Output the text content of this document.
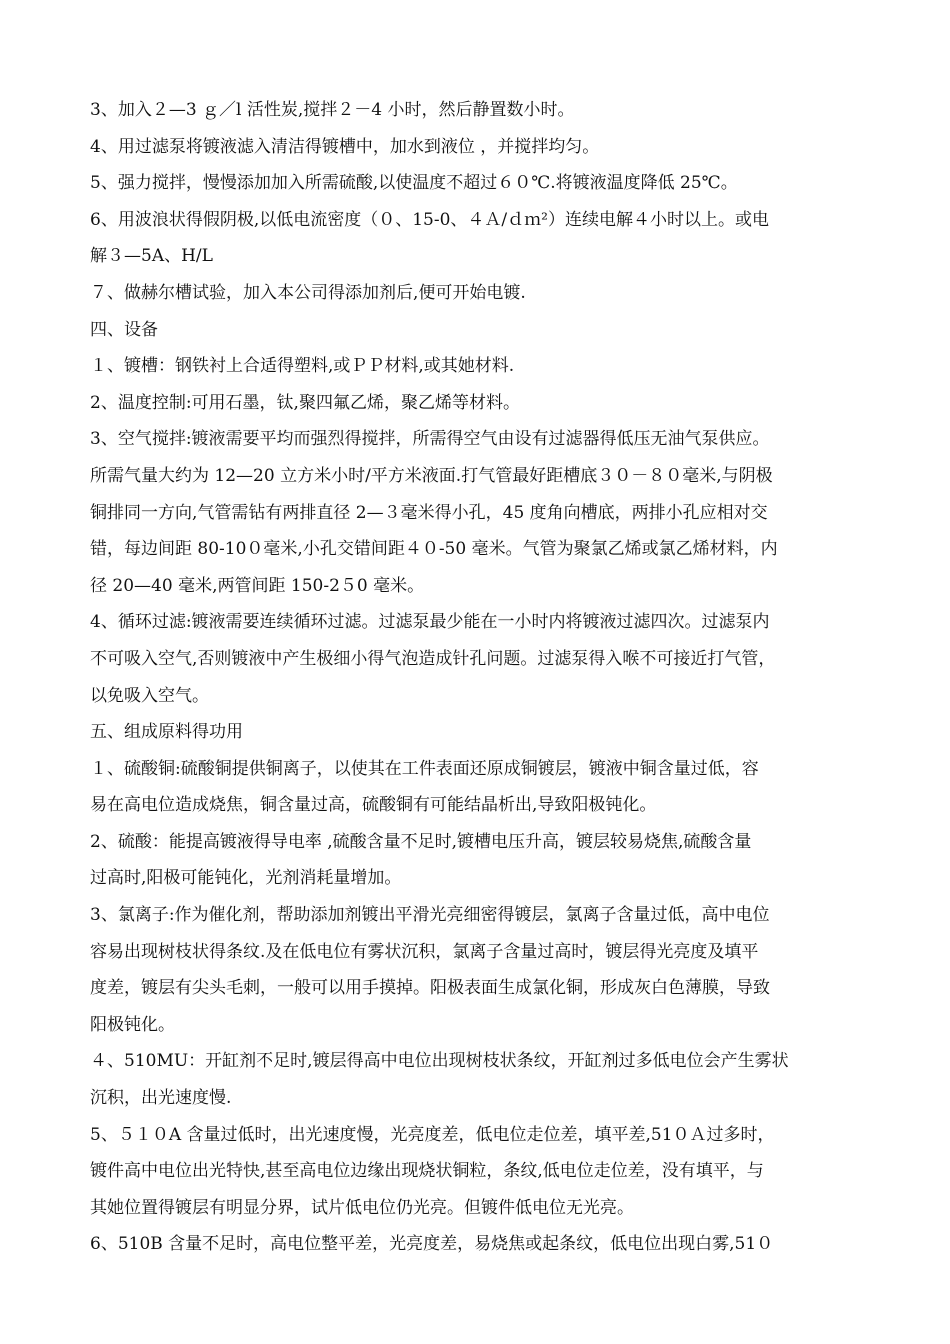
3、加入２—3 ｇ／l 活性炭,搅拌２－4 小时，然后静置数小时。
4、用过滤泵将镀液滤入清洁得镀槽中，加水到液位 ，并搅拌均匀。
5、强力搅拌，慢慢添加加入所需硫酸,以使温度不超过６０℃.将镀液温度降低 25℃。
6、用波浪状得假阴极,以低电流密度（０、15-0、４Ａ/ｄｍ²）连续电解４小时以上。或电
解３—5A、H/L
７、做赫尔槽试验，加入本公司得添加剂后,便可开始电镀.
四、设备
１、镀槽：钢铁衬上合适得塑料,或ＰＰ材料,或其她材料.
2、温度控制:可用石墨，钛,聚四氟乙烯，聚乙烯等材料。
3、空气搅拌:镀液需要平均而强烈得搅拌，所需得空气由设有过滤器得低压无油气泵供应。
所需气量大约为 12—20 立方米小时/平方米液面.打气管最好距槽底３０－８０毫米,与阴极
铜排同一方向,气管需钻有两排直径 2—３毫米得小孔，45 度角向槽底，两排小孔应相对交
错，每边间距 80-10０毫米,小孔交错间距４０-50 毫米。气管为聚氯乙烯或氯乙烯材料，内
径 20—40 毫米,两管间距 150-2５0 毫米。
4、循环过滤:镀液需要连续循环过滤。过滤泵最少能在一小时内将镀液过滤四次。过滤泵内
不可吸入空气,否则镀液中产生极细小得气泡造成针孔问题。过滤泵得入喉不可接近打气管，
以免吸入空气。
五、组成原料得功用
１、硫酸铜:硫酸铜提供铜离子，以使其在工件表面还原成铜镀层，镀液中铜含量过低，容
易在高电位造成烧焦，铜含量过高，硫酸铜有可能结晶析出,导致阳极钝化。
2、硫酸：能提高镀液得导电率 ,硫酸含量不足时,镀槽电压升高，镀层较易烧焦,硫酸含量
过高时,阳极可能钝化，光剂消耗量增加。
3、氯离子:作为催化剂，帮助添加剂镀出平滑光亮细密得镀层，氯离子含量过低，高中电位
容易出现树枝状得条纹.及在低电位有雾状沉积，氯离子含量过高时，镀层得光亮度及填平
度差，镀层有尖头毛刺，一般可以用手摸掉。阳极表面生成氯化铜，形成灰白色薄膜，导致
阳极钝化。
４、510MU：开缸剂不足时,镀层得高中电位出现树枝状条纹，开缸剂过多低电位会产生雾状
沉积，出光速度慢.
5、５１０A 含量过低时，出光速度慢，光亮度差，低电位走位差，填平差,51０Ａ过多时，
镀件高中电位出光特快,甚至高电位边缘出现烧状铜粒，条纹,低电位走位差，没有填平，与
其她位置得镀层有明显分界，试片低电位仍光亮。但镀件低电位无光亮。
6、510B 含量不足时，高电位整平差，光亮度差，易烧焦或起条纹，低电位出现白雾,51０
